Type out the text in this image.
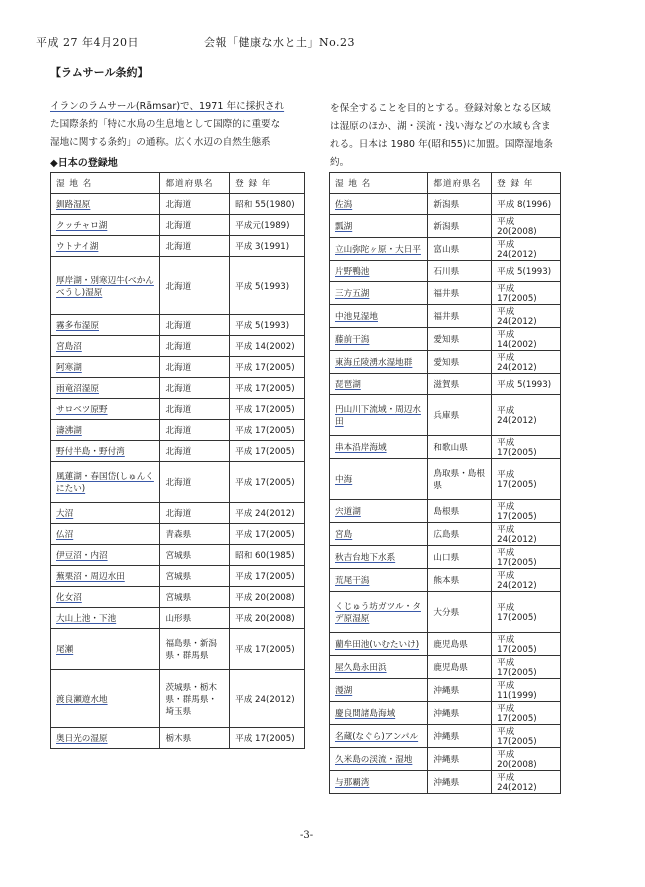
平成 27 年4月20日	会報「健康な水と土」No.23
【ラムサール条約】
イランのラムサール(Rāmsar)で、1971 年に採択され
た国際条約「特に水鳥の生息地として国際的に重要な
湿地に関する条約」の通称。広く水辺の自然生態系
を保全することを目的とする。登録対象となる区域
は湿原のほか、湖・渓流・浅い海などの水域も含ま
れる。日本は 1980 年(昭和55)に加盟。国際湿地条
約。
◆日本の登録地
湿 地 名	都道府県名	登 録 年
釧路湿原	北海道	昭和 55(1980)
クッチャロ湖	北海道	平成元(1989)
ウトナイ湖	北海道	平成 3(1991)
厚岸湖・別寒辺牛(べかんべうし)湿原	北海道	平成 5(1993)
霧多布湿原	北海道	平成 5(1993)
宮島沼	北海道	平成 14(2002)
阿寒湖	北海道	平成 17(2005)
雨竜沼湿原	北海道	平成 17(2005)
サロベツ原野	北海道	平成 17(2005)
濤沸湖	北海道	平成 17(2005)
野付半島・野付湾	北海道	平成 17(2005)
風蓮湖・春国岱(しゅんくにたい)	北海道	平成 17(2005)
大沼	北海道	平成 24(2012)
仏沼	青森県	平成 17(2005)
伊豆沼・内沼	宮城県	昭和 60(1985)
蕪栗沼・周辺水田	宮城県	平成 17(2005)
化女沼	宮城県	平成 20(2008)
大山上池・下池	山形県	平成 20(2008)
尾瀬	福島県・新潟県・群馬県	平成 17(2005)
渡良瀬遊水地	茨城県・栃木県・群馬県・埼玉県	平成 24(2012)
奥日光の湿原	栃木県	平成 17(2005)
湿 地 名	都道府県名	登 録 年
佐潟	新潟県	平成 8(1996)
瓢湖	新潟県	平成 20(2008)
立山弥陀ヶ原・大日平	富山県	平成 24(2012)
片野鴨池	石川県	平成 5(1993)
三方五湖	福井県	平成 17(2005)
中池見湿地	福井県	平成 24(2012)
藤前干潟	愛知県	平成 14(2002)
東海丘陵湧水湿地群	愛知県	平成 24(2012)
琵琶湖	滋賀県	平成 5(1993)
円山川下流域・周辺水田	兵庫県	平成 24(2012)
串本沿岸海域	和歌山県	平成 17(2005)
中海	鳥取県・島根県	平成 17(2005)
宍道湖	島根県	平成 17(2005)
宮島	広島県	平成 24(2012)
秋吉台地下水系	山口県	平成 17(2005)
荒尾干潟	熊本県	平成 24(2012)
くじゅう坊ガツル・タデ原湿原	大分県	平成 17(2005)
藺牟田池(いむたいけ)	鹿児島県	平成 17(2005)
屋久島永田浜	鹿児島県	平成 17(2005)
漫湖	沖縄県	平成 11(1999)
慶良間諸島海域	沖縄県	平成 17(2005)
名蔵(なぐら)アンパル	沖縄県	平成 17(2005)
久米島の渓流・湿地	沖縄県	平成 20(2008)
与那覇湾	沖縄県	平成 24(2012)
-3-
